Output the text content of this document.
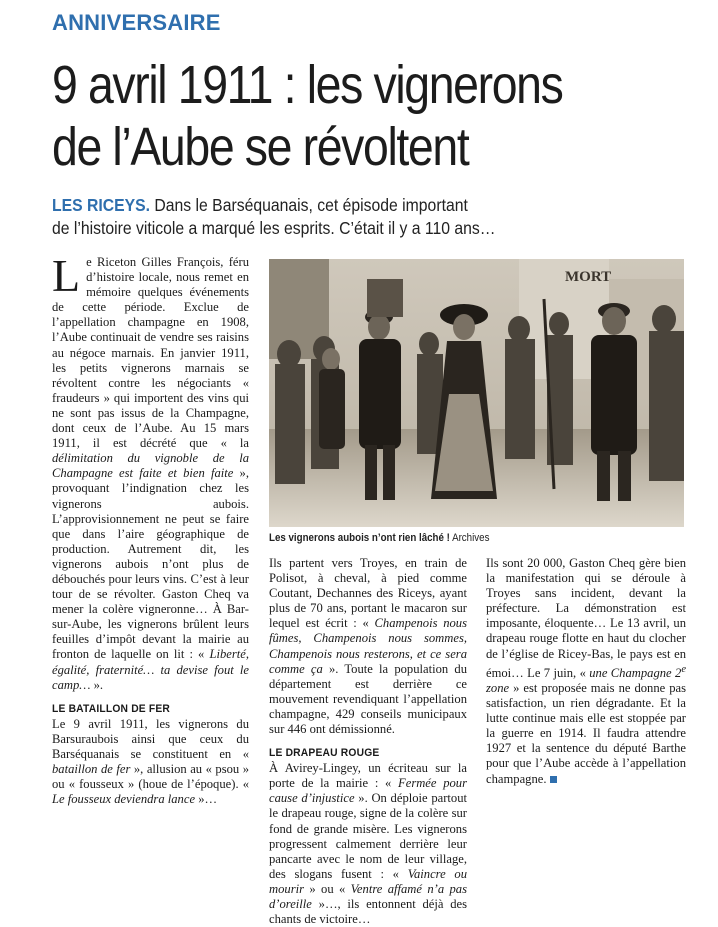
ANNIVERSAIRE
9 avril 1911 : les vignerons
de l’Aube se révoltent
LES RICEYS. Dans le Barséquanais, cet épisode important
de l’histoire viticole a marqué les esprits. C’était il y a 110 ans…

Le Riceton Gilles François, féru d’histoire locale, nous remet en mémoire quelques événements de cette période. Exclue de l’appellation champagne en 1908, l’Aube continuait de vendre ses raisins au négoce marnais. En janvier 1911, les petits vignerons marnais se révoltent contre les négociants « fraudeurs » qui importent des vins qui ne sont pas issus de la Champagne, dont ceux de l’Aube. Au 15 mars 1911, il est décrété que « la délimitation du vignoble de la Champagne est faite et bien faite », provoquant l’indignation chez les vignerons aubois. L’approvisionnement ne peut se faire que dans l’aire géographique de production. Autrement dit, les vignerons aubois n’ont plus de débouchés pour leurs vins. C’est à leur tour de se révolter. Gaston Cheq va mener la colère vigneronne… À Bar-sur-Aube, les vignerons brûlent leurs feuilles d’impôt devant la mairie au fronton de laquelle on lit : « Liberté, égalité, fraternité… ta devise fout le camp… ».

LE BATAILLON DE FER

Le 9 avril 1911, les vignerons du Barsuraubois ainsi que ceux du Barséquanais se constituent en « bataillon de fer », allusion au « psou » ou « fousseux » (houe de l’époque). « Le fousseux deviendra lance »…

MORT
Les vignerons aubois n’ont rien lâché ! Archives

Ils partent vers Troyes, en train de Polisot, à cheval, à pied comme Coutant, Dechannes des Riceys, ayant plus de 70 ans, portant le macaron sur lequel est écrit : « Champenois nous fûmes, Champenois nous sommes, Champenois nous resterons, et ce sera comme ça ». Toute la population du département est derrière ce mouvement revendiquant l’appellation champagne, 429 conseils municipaux sur 446 ont démissionné.

LE DRAPEAU ROUGE

À Avirey-Lingey, un écriteau sur la porte de la mairie : « Fermée pour cause d’injustice ». On déploie partout le drapeau rouge, signe de la colère sur fond de grande misère. Les vignerons progressent calmement derrière leur pancarte avec le nom de leur village, des slogans fusent : « Vaincre ou mourir » ou « Ventre affamé n’a pas d’oreille »…, ils entonnent déjà des chants de victoire…

Ils sont 20 000, Gaston Cheq gère bien la manifestation qui se déroule à Troyes sans incident, devant la préfecture. La démonstration est imposante, éloquente… Le 13 avril, un drapeau rouge flotte en haut du clocher de l’église de Ricey-Bas, le pays est en émoi… Le 7 juin, « une Champagne 2e zone » est proposée mais ne donne pas satisfaction, un rien dégradante. Et la lutte continue mais elle est stoppée par la guerre en 1914. Il faudra attendre 1927 et la sentence du député Barthe pour que l’Aube accède à l’appellation champagne.
